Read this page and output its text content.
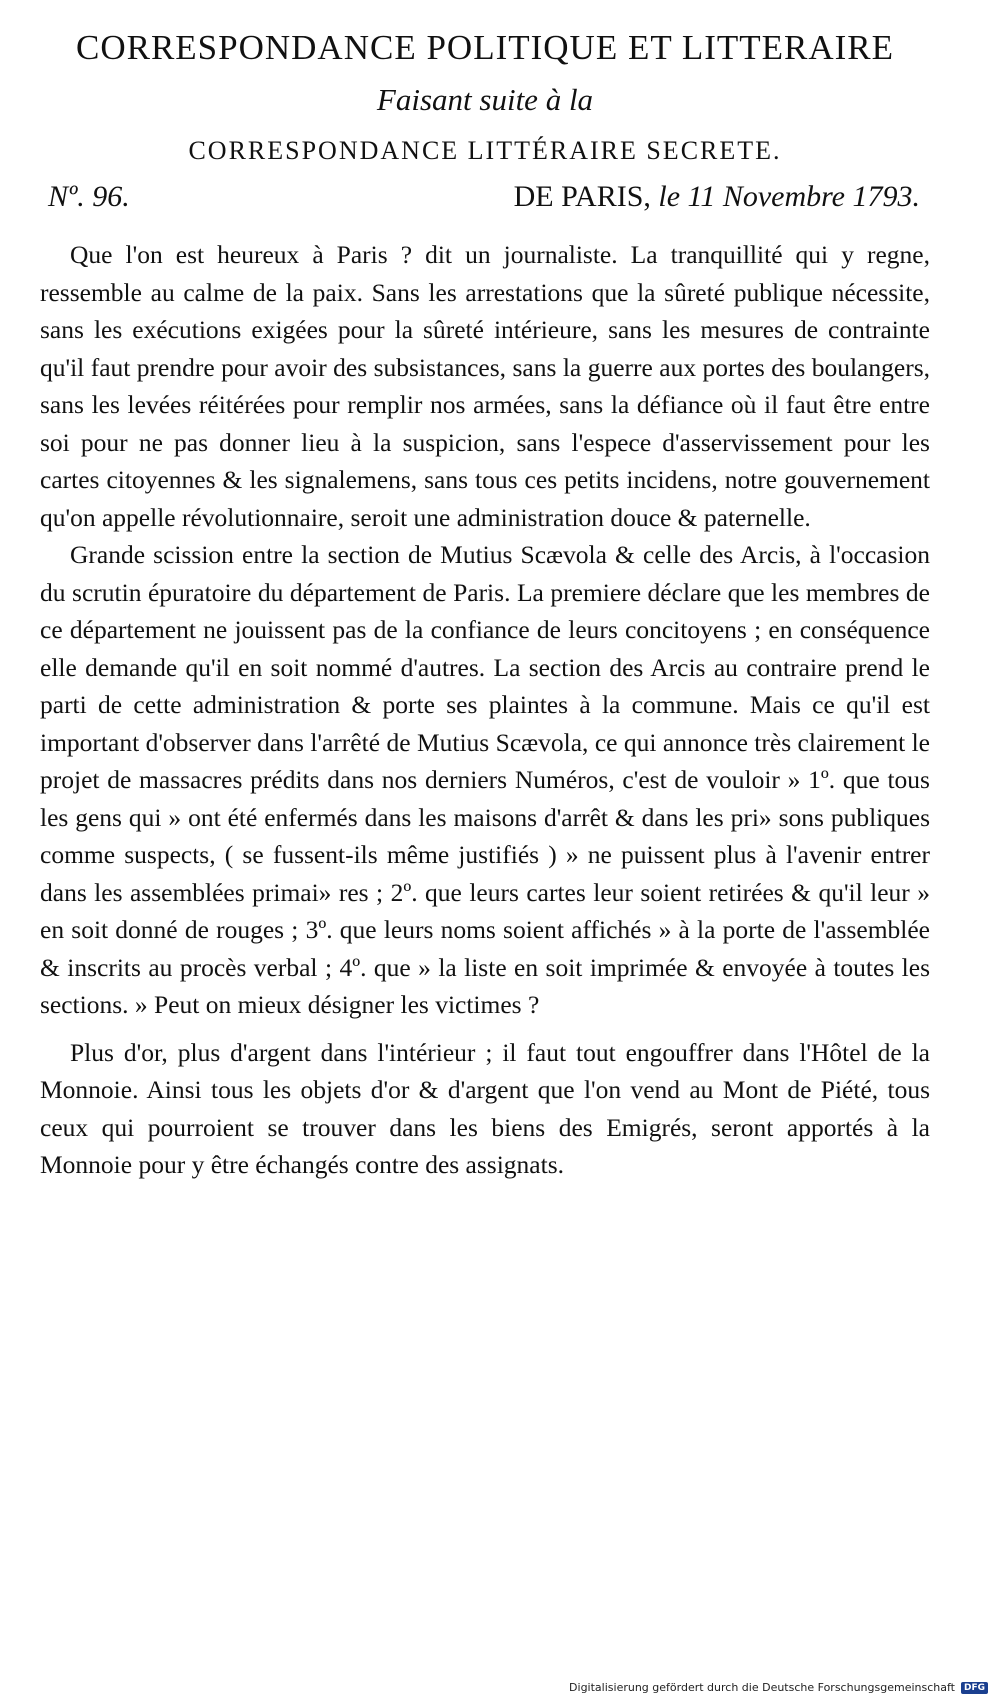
CORRESPONDANCE POLITIQUE ET LITTERAIRE
Faisant suite à la
CORRESPONDANCE LITTÉRAIRE SECRETE.
Nº. 96.	DE PARIS, le 11 Novembre 1793.

Que l'on est heureux à Paris ? dit un journaliste. La tranquillité qui y regne, ressemble au calme de la paix. Sans les arrestations que la sûreté publique nécessite, sans les exécutions exigées pour la sûreté intérieure, sans les mesures de contrainte qu'il faut prendre pour avoir des subsistances, sans la guerre aux portes des boulangers, sans les levées réitérées pour remplir nos armées, sans la défiance où il faut être entre soi pour ne pas donner lieu à la suspicion, sans l'espece d'asservissement pour les cartes citoyennes & les signalemens, sans tous ces petits incidens, notre gouvernement qu'on appelle révolutionnaire, seroit une administration douce & paternelle.

Grande scission entre la section de Mutius Scævola & celle des Arcis, à l'occasion du scrutin épuratoire du département de Paris. La premiere déclare que les membres de ce département ne jouissent pas de la confiance de leurs concitoyens ; en conséquence elle demande qu'il en soit nommé d'autres. La section des Arcis au contraire prend le parti de cette administration & porte ses plaintes à la commune. Mais ce qu'il est important d'observer dans l'arrêté de Mutius Scævola, ce qui annonce très clairement le projet de massacres prédits dans nos derniers Numéros, c'est de vouloir » 1º. que tous les gens qui » ont été enfermés dans les maisons d'arrêt & dans les pri» sons publiques comme suspects, ( se fussent-ils même justifiés ) » ne puissent plus à l'avenir entrer dans les assemblées primai» res ; 2º. que leurs cartes leur soient retirées & qu'il leur » en soit donné de rouges ; 3º. que leurs noms soient affichés » à la porte de l'assemblée & inscrits au procès verbal ; 4º. que » la liste en soit imprimée & envoyée à toutes les sections. » Peut on mieux désigner les victimes ?

Plus d'or, plus d'argent dans l'intérieur ; il faut tout engouffrer dans l'Hôtel de la Monnoie. Ainsi tous les objets d'or & d'argent que l'on vend au Mont de Piété, tous ceux qui pourroient se trouver dans les biens des Emigrés, seront apportés à la Monnoie pour y être échangés contre des assignats.

Digitalisierung gefördert durch die Deutsche Forschungsgemeinschaft	DFG
